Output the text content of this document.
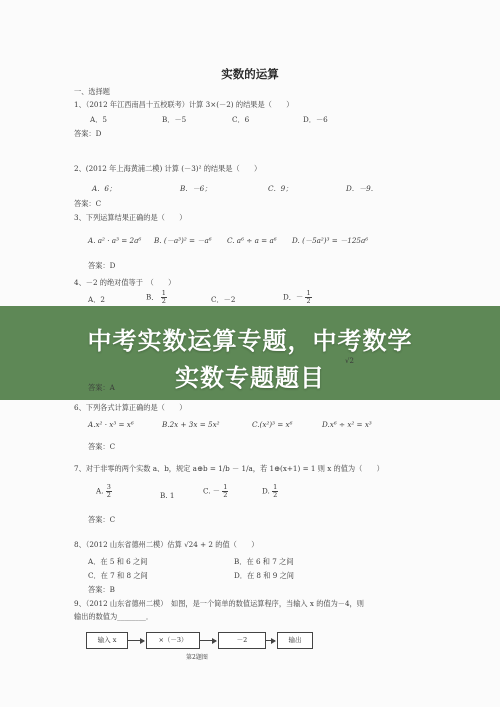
实数的运算
一、选择题
1、（2012 年江西南昌十五校联考）计算 3×(－2) 的结果是（　　）
A．5	B．－5	C．6	D．－6
答案：D
2、(2012 年上海黄浦二模) 计算 (－3)² 的结果是（　　）
A．6；	B．－6；	C．9；	D．－9．
答案：C
3、下列运算结果正确的是（　　）
A. a² · a³ = 2a⁶ B. (－a³)² = －a⁶ C. a⁶ ÷ a = a⁶ D. (－5a²)³ = －125a⁶
答案：D
4、－2 的绝对值等于　（　　）
A．2	B． $\frac{1}{2}$	C．－2	D．－ $\frac{1}{2}$
中考实数运算专题，中考数学
实数专题题目
√2
答案：A
6、下列各式计算正确的是（　　）
A.x² · x³ = x⁶	B.2x + 3x = 5x²	C.(x²)³ = x⁶	D.x⁶ ÷ x² = x³
答案：C
7、对于非零的两个实数 a、b，规定 a⊕b = 1/b － 1/a，若 1⊕(x+1) = 1 则 x 的值为（　　）
A. $\frac{3}{2}$	B. 1
C. － $\frac{1}{2}$	D. $\frac{1}{2}$
答案：C
8、（2012 山东省德州二模）估算 √24 + 2 的值（　　）
A．在 5 和 6 之间	B．在 6 和 7 之间
C．在 7 和 8 之间	D．在 8 和 9 之间
答案：B
9、（2012 山东省德州二模）　如图，是一个简单的数值运算程序，当输入 x 的值为－4，则
输出的数值为________．
输入 x	×（－3）	－2	输出
第2题图
